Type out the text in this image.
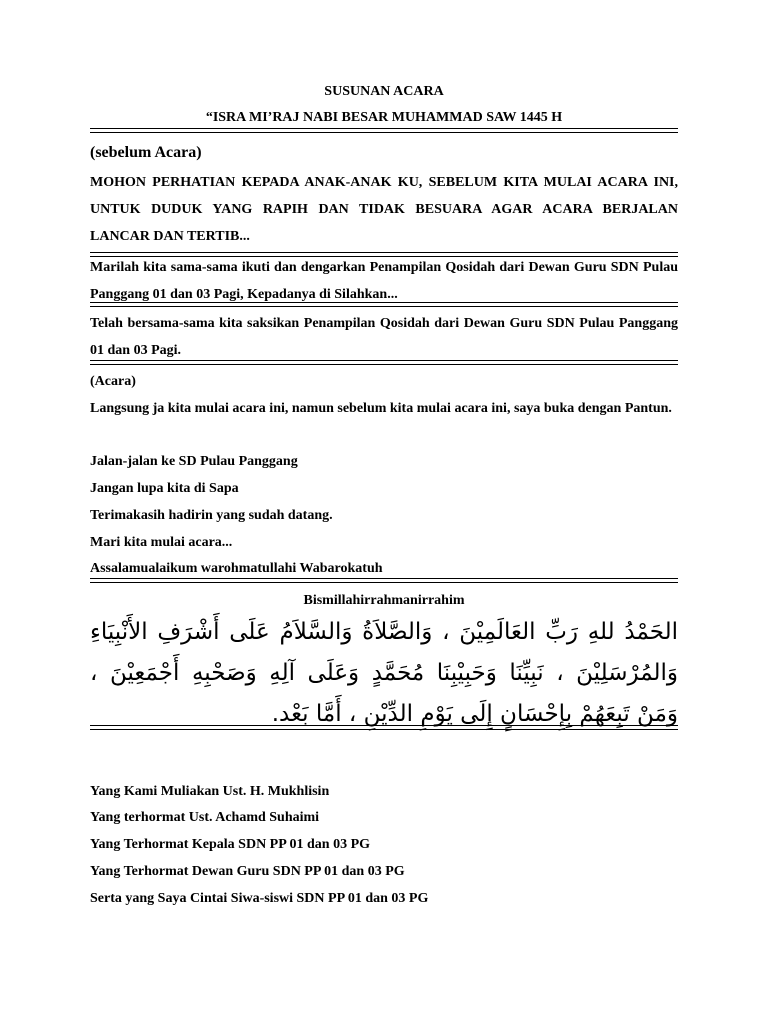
SUSUNAN ACARA
“ISRA MI’RAJ NABI BESAR MUHAMMAD SAW 1445 H
(sebelum Acara)
MOHON PERHATIAN KEPADA ANAK-ANAK KU, SEBELUM KITA MULAI ACARA INI, UNTUK DUDUK YANG RAPIH DAN TIDAK BESUARA AGAR ACARA BERJALAN LANCAR DAN TERTIB...
Marilah kita sama-sama ikuti dan dengarkan Penampilan Qosidah dari Dewan Guru SDN Pulau Panggang 01 dan 03 Pagi, Kepadanya di Silahkan...
Telah bersama-sama kita saksikan Penampilan Qosidah dari Dewan Guru SDN Pulau Panggang 01 dan 03 Pagi.
(Acara)
Langsung ja kita mulai acara ini, namun sebelum kita mulai acara ini, saya buka dengan Pantun.
Jalan-jalan ke SD Pulau Panggang
Jangan lupa kita di Sapa
Terimakasih hadirin yang sudah datang.
Mari kita mulai acara...
Assalamualaikum warohmatullahi Wabarokatuh
Bismillahirrahmanirrahim
الحَمْدُ للهِ رَبِّ العَالَمِيْنَ ، وَالصَّلاَةُ وَالسَّلاَمُ عَلَى أَشْرَفِ الأَنْبِيَاءِ وَالمُرْسَلِيْنَ ، نَبِيِّنَا وَحَبِيْبِنَا مُحَمَّدٍ وَعَلَى آلِهِ وَصَحْبِهِ أَجْمَعِيْنَ ، وَمَنْ تَبِعَهُمْ بِإِحْسَانٍ إِلَى يَوْمِ الدِّيْنِ ، أَمَّا بَعْد.
Yang Kami Muliakan Ust. H. Mukhlisin
Yang terhormat Ust. Achamd Suhaimi
Yang Terhormat Kepala SDN PP 01 dan 03 PG
Yang Terhormat Dewan Guru SDN PP 01 dan 03 PG
Serta yang Saya Cintai Siwa-siswi SDN PP 01 dan 03 PG
